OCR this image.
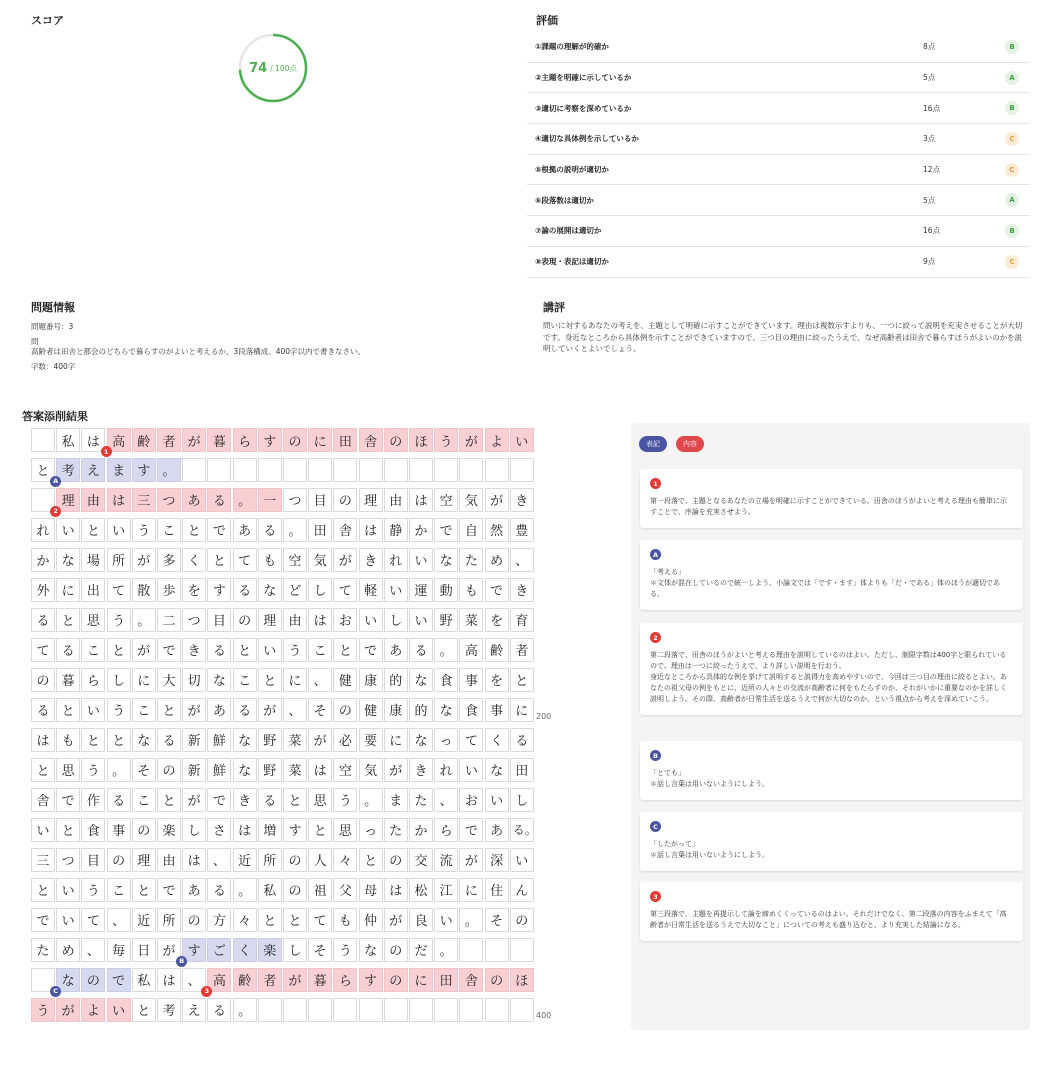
スコア
74 / 100点
評価
①課題の理解が的確か	8点	B
②主題を明確に示しているか	5点	A
③適切に考察を深めているか	16点	B
④適切な具体例を示しているか	3点	C
⑤根拠の説明が適切か	12点	C
⑥段落数は適切か	5点	A
⑦論の展開は適切か	16点	B
⑧表現・表記は適切か	9点	C
問題情報
問題番号：3
問
高齢者は田舎と都会のどちらで暮らすのがよいと考えるか、3段落構成、400字以内で書きなさい。
字数：400字
講評
問いに対するあなたの考えを、主題として明確に示すことができています。理由は複数示すよりも、一つに絞って説明を充実させることが大切です。身近なところから具体例を示すことができていますので、三つ目の理由に絞ったうえで、なぜ高齢者は田舎で暮らすほうがよいのかを説明していくとよいでしょう。
答案添削結果
私 は 高 齢 者 が 暮 ら す の に 田 舎 の ほ う が よ い
と 考 え ま す 。
理 由 は 三 つ あ る 。 一 つ 目 の 理 由 は 空 気 が き
れ い と い う こ と で あ る 。 田 舎 は 静 か で 自 然 豊
か な 場 所 が 多 く と て も 空 気 が き れ い な た め 、
外 に 出 て 散 歩 を す る な ど し て 軽 い 運 動 も で き
る と 思 う 。 二 つ 目 の 理 由 は お い し い 野 菜 を 育
て る こ と が で き る と い う こ と で あ る 。 高 齢 者
の 暮 ら し に 大 切 な こ と に 、 健 康 的 な 食 事 を と
る と い う こ と が あ る が 、 そ の 健 康 的 な 食 事 に
は も と と な る 新 鮮 な 野 菜 が 必 要 に な っ て く る
と 思 う 。 そ の 新 鮮 な 野 菜 は 空 気 が き れ い な 田
舎 で 作 る こ と が で き る と 思 う 。 ま た 、 お い し
い と 食 事 の 楽 し さ は 増 す と 思 っ た か ら で あ る。
三 つ 目 の 理 由 は 、 近 所 の 人 々 と の 交 流 が 深 い
と い う こ と で あ る 。 私 の 祖 父 母 は 松 江 に 住 ん
で い て 、 近 所 の 方 々 と と て も 仲 が 良 い 。 そ の
た め 、 毎 日 が す ご く 楽 し そ う な の だ 。
な の で 私 は 、 高 齢 者 が 暮 ら す の に 田 舎 の ほ
う が よ い と 考 え る 。
1
A
2
B
C	3
200
400
表記	内容
1
第一段落で、主題となるあなたの立場を明確に示すことができている。田舎のほうがよいと考える理由も簡単に示すことで、序論を充実させよう。
A
「考える」
＊文体が混在しているので統一しよう。小論文では「です・ます」体よりも「だ・である」体のほうが適切である。
2
第二段落で、田舎のほうがよいと考える理由を説明しているのはよい。ただし、制限字数は400字と限られているので、理由は一つに絞ったうえで、より詳しい説明を行おう。
身近なところから具体的な例を挙げて説明すると説得力を高めやすいので、今回は三つ目の理由に絞るとよい。あなたの祖父母の例をもとに、近所の人々との交流が高齢者に何をもたらすのか、それがいかに重要なのかを詳しく説明しよう。その際、高齢者が日常生活を送るうえで何が大切なのか、という視点から考えを深めていこう。
B
「とても」
＊話し言葉は用いないようにしよう。
C
「したがって」
＊話し言葉は用いないようにしよう。
3
第三段落で、主題を再提示して論を締めくくっているのはよい。それだけでなく、第二段落の内容をふまえて「高齢者が日常生活を送るうえで大切なこと」についての考えも盛り込むと、より充実した結論になる。
